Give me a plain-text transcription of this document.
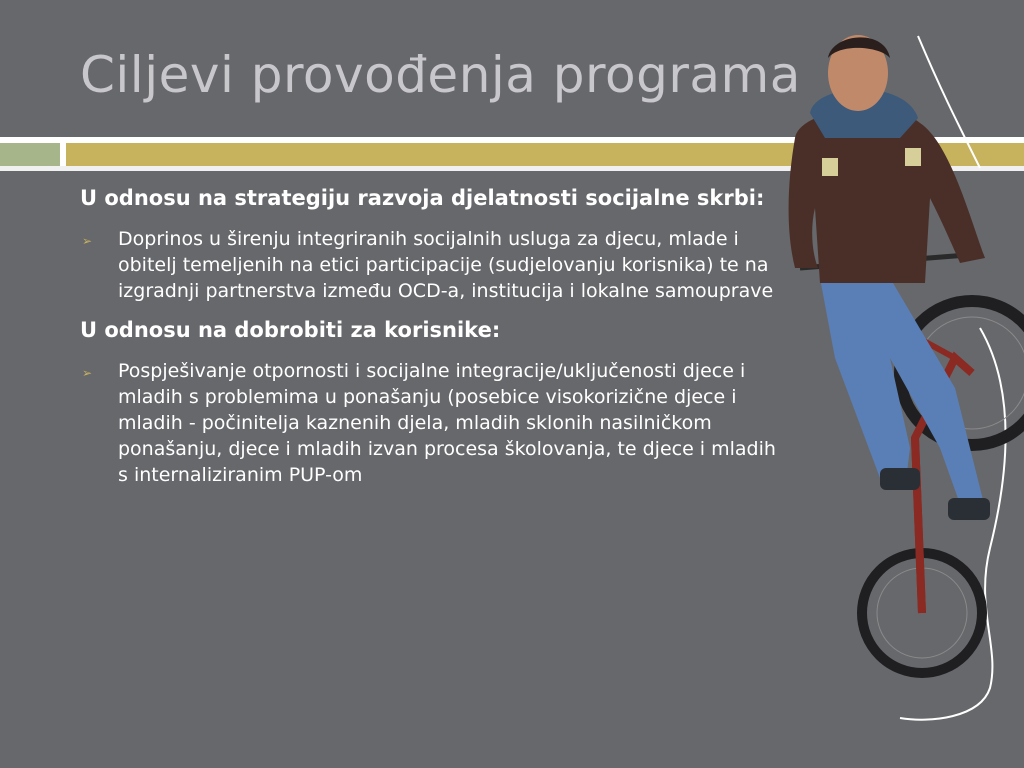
Ciljevi provođenja programa
U odnosu na strategiju razvoja djelatnosti socijalne skrbi:
➢ Doprinos u širenju integriranih socijalnih usluga za djecu, mlade i obitelj temeljenih na etici participacije (sudjelovanju korisnika) te na izgradnji partnerstva između OCD-a, institucija i lokalne samouprave
U odnosu na dobrobiti za korisnike:
➢ Pospješivanje otpornosti i socijalne integracije/uključenosti djece i mladih s problemima u ponašanju (posebice visokorizične djece i mladih - počinitelja kaznenih djela, mladih sklonih nasilničkom ponašanju, djece i mladih izvan procesa školovanja, te djece i mladih s internaliziranim PUP-om
